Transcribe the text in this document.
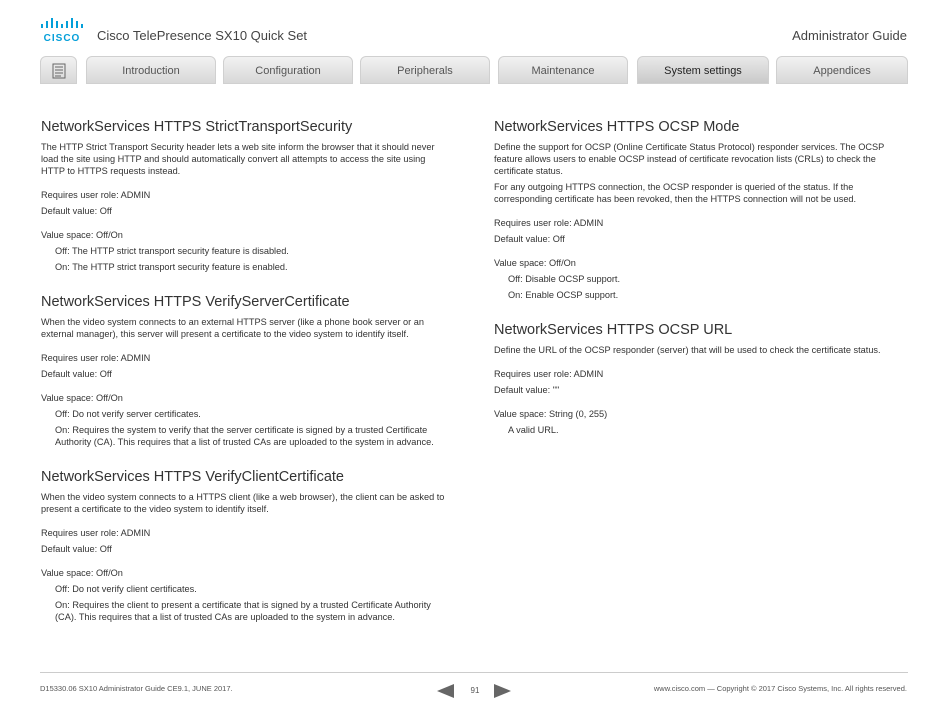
CISCO Cisco TelePresence SX10 Quick Set	Administrator Guide
Introduction	Configuration	Peripherals	Maintenance	System settings	Appendices
NetworkServices HTTPS StrictTransportSecurity

The HTTP Strict Transport Security header lets a web site inform the browser that it should never load the site using HTTP and should automatically convert all attempts to access the site using HTTP to HTTPS requests instead.

Requires user role: ADMIN

Default value: Off

Value space: Off/On

Off: The HTTP strict transport security feature is disabled.

On: The HTTP strict transport security feature is enabled.

NetworkServices HTTPS VerifyServerCertificate

When the video system connects to an external HTTPS server (like a phone book server or an external manager), this server will present a certificate to the video system to identify itself.

Requires user role: ADMIN

Default value: Off

Value space: Off/On

Off: Do not verify server certificates.

On: Requires the system to verify that the server certificate is signed by a trusted Certificate Authority (CA). This requires that a list of trusted CAs are uploaded to the system in advance.

NetworkServices HTTPS VerifyClientCertificate

When the video system connects to a HTTPS client (like a web browser), the client can be asked to present a certificate to the video system to identify itself.

Requires user role: ADMIN

Default value: Off

Value space: Off/On

Off: Do not verify client certificates.

On: Requires the client to present a certificate that is signed by a trusted Certificate Authority (CA). This requires that a list of trusted CAs are uploaded to the system in advance.

NetworkServices HTTPS OCSP Mode

Define the support for OCSP (Online Certificate Status Protocol) responder services. The OCSP feature allows users to enable OCSP instead of certificate revocation lists (CRLs) to check the certificate status.

For any outgoing HTTPS connection, the OCSP responder is queried of the status. If the corresponding certificate has been revoked, then the HTTPS connection will not be used.

Requires user role: ADMIN

Default value: Off

Value space: Off/On

Off: Disable OCSP support.

On: Enable OCSP support.

NetworkServices HTTPS OCSP URL

Define the URL of the OCSP responder (server) that will be used to check the certificate status.

Requires user role: ADMIN

Default value: ""

Value space: String (0, 255)

A valid URL.

D15330.06 SX10 Administrator Guide CE9.1, JUNE 2017.	91	www.cisco.com — Copyright © 2017 Cisco Systems, Inc. All rights reserved.
